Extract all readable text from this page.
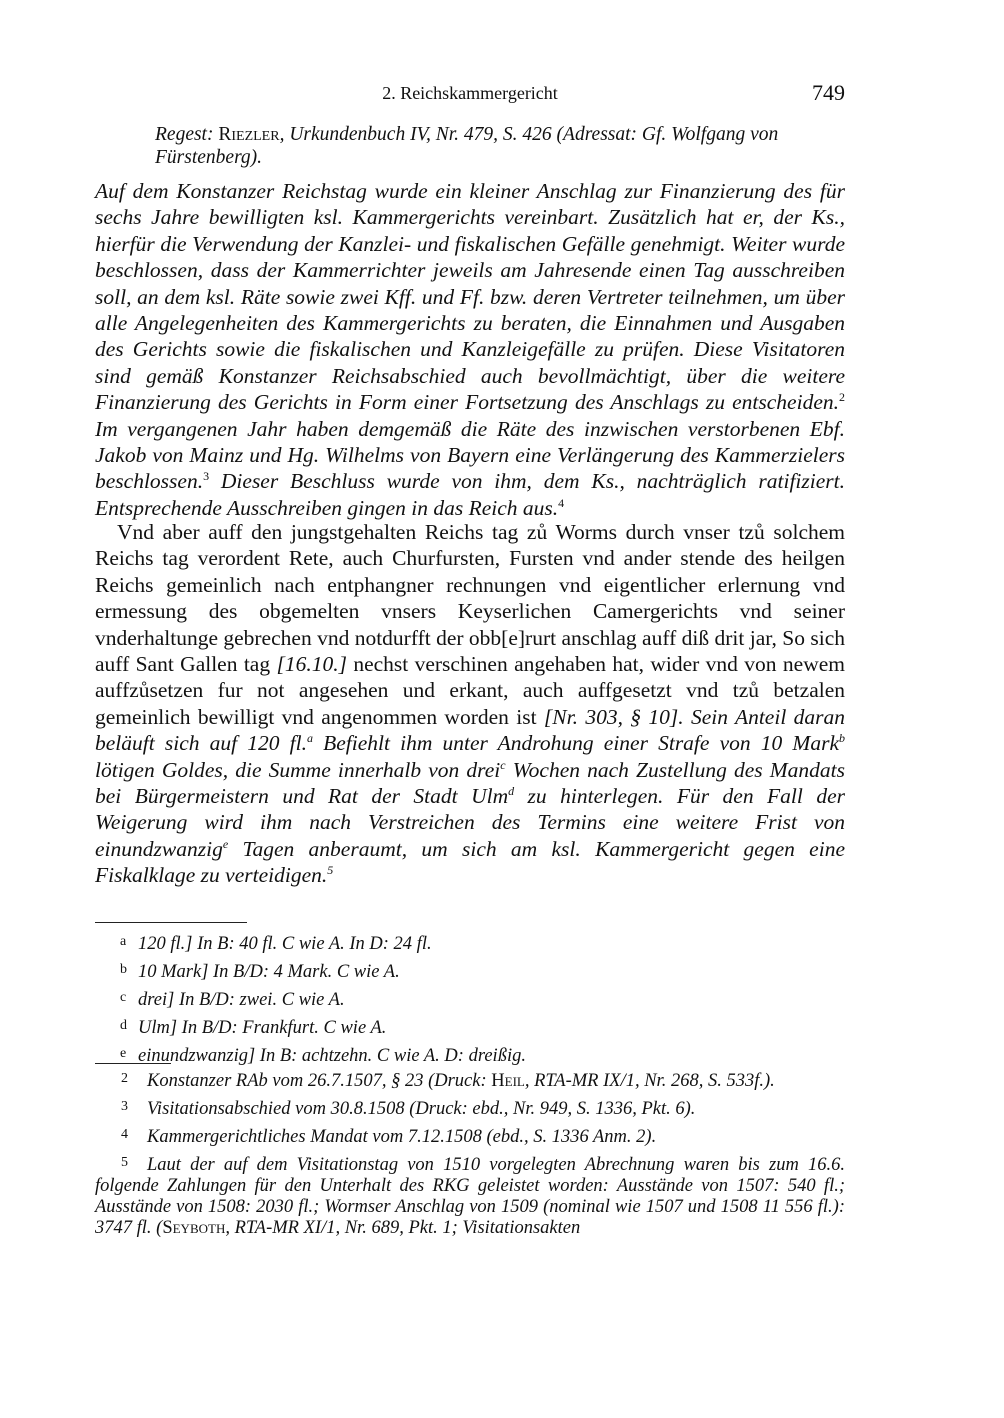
2. Reichskammergericht	749
Regest: Riezler, Urkundenbuch IV, Nr. 479, S. 426 (Adressat: Gf. Wolfgang von Fürstenberg).

Auf dem Konstanzer Reichstag wurde ein kleiner Anschlag zur Finanzierung des für sechs Jahre bewilligten ksl. Kammergerichts vereinbart. Zusätzlich hat er, der Ks., hierfür die Verwendung der Kanzlei- und fiskalischen Gefälle genehmigt. Weiter wurde beschlossen, dass der Kammerrichter jeweils am Jahresende einen Tag ausschreiben soll, an dem ksl. Räte sowie zwei Kff. und Ff. bzw. deren Vertreter teilnehmen, um über alle Angelegenheiten des Kammergerichts zu beraten, die Einnahmen und Ausgaben des Gerichts sowie die fiskalischen und Kanzleigefälle zu prüfen. Diese Visitatoren sind gemäß Konstanzer Reichsabschied auch bevollmächtigt, über die weitere Finanzierung des Gerichts in Form einer Fortsetzung des Anschlags zu entscheiden.$^2$ Im vergangenen Jahr haben demgemäß die Räte des inzwischen verstorbenen Ebf. Jakob von Mainz und Hg. Wilhelms von Bayern eine Verlängerung des Kammerzielers beschlossen.$^3$ Dieser Beschluss wurde von ihm, dem Ks., nachträglich ratifiziert. Entsprechende Ausschreiben gingen in das Reich aus.$^4$

Vnd aber auff den jungstgehalten Reichs tag zů Worms durch vnser tzů solchem Reichs tag verordent Rete, auch Churfursten, Fursten vnd ander stende des heilgen Reichs gemeinlich nach entphangner rechnungen vnd eigentlicher erlernung vnd ermessung des obgemelten vnsers Keyserlichen Camergerichts vnd seiner vnderhaltunge gebrechen vnd notdurfft der obb[e]rurt anschlag auff diß drit jar, So sich auff Sant Gallen tag [16.10.] nechst verschinen angehaben hat, wider vnd von newem auffzůsetzen fur not angesehen und erkant, auch auffgesetzt vnd tzů betzalen gemeinlich bewilligt vnd angenommen worden ist [Nr. 303, § 10]. Sein Anteil daran beläuft sich auf 120 fl.$^a$ Befiehlt ihm unter Androhung einer Strafe von 10 Mark$^b$ lötigen Goldes, die Summe innerhalb von drei$^c$ Wochen nach Zustellung des Mandats bei Bürgermeistern und Rat der Stadt Ulm$^d$ zu hinterlegen. Für den Fall der Weigerung wird ihm nach Verstreichen des Termins eine weitere Frist von einundzwanzig$^e$ Tagen anberaumt, um sich am ksl. Kammergericht gegen eine Fiskalklage zu verteidigen.$^5$

a 120 fl.] In B: 40 fl. C wie A. In D: 24 fl.
b 10 Mark] In B/D: 4 Mark. C wie A.
c drei] In B/D: zwei. C wie A.
d Ulm] In B/D: Frankfurt. C wie A.
e einundzwanzig] In B: achtzehn. C wie A. D: dreißig.

2 Konstanzer RAb vom 26.7.1507, § 23 (Druck: Heil, RTA-MR IX/1, Nr. 268, S. 533f.).

3 Visitationsabschied vom 30.8.1508 (Druck: ebd., Nr. 949, S. 1336, Pkt. 6).

4 Kammergerichtliches Mandat vom 7.12.1508 (ebd., S. 1336 Anm. 2).

5 Laut der auf dem Visitationstag von 1510 vorgelegten Abrechnung waren bis zum 16.6. folgende Zahlungen für den Unterhalt des RKG geleistet worden: Ausstände von 1507: 540 fl.; Ausstände von 1508: 2030 fl.; Wormser Anschlag von 1509 (nominal wie 1507 und 1508 11 556 fl.): 3747 fl. (Seyboth, RTA-MR XI/1, Nr. 689, Pkt. 1; Visitationsakten
